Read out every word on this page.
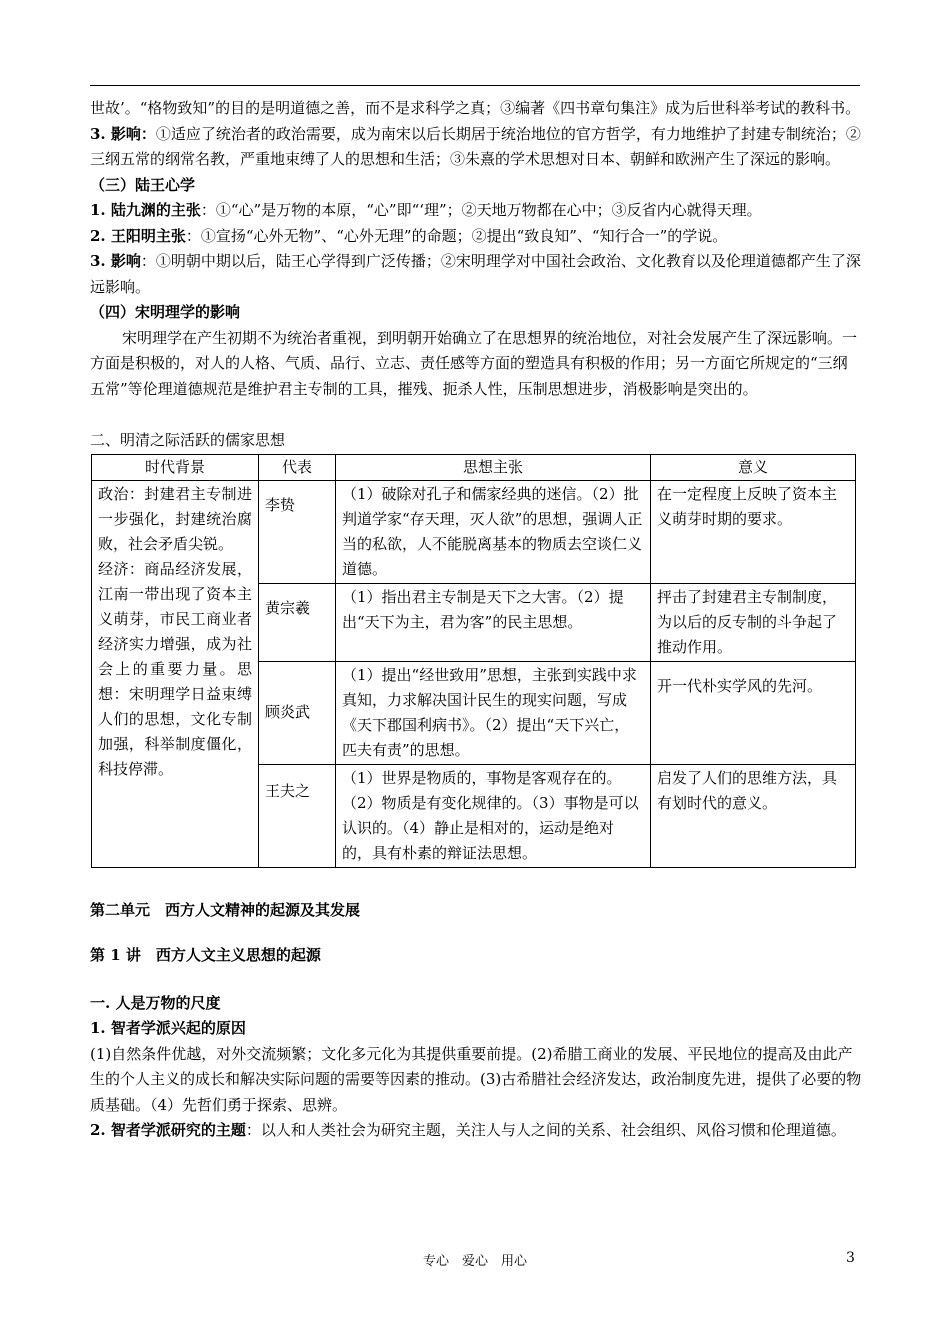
世故’。“格物致知”的目的是明道德之善，而不是求科学之真；③编著《四书章句集注》成为后世科举考试的教科书。

3. 影响：①适应了统治者的政治需要，成为南宋以后长期居于统治地位的官方哲学，有力地维护了封建专制统治；②三纲五常的纲常名教，严重地束缚了人的思想和生活；③朱熹的学术思想对日本、朝鲜和欧洲产生了深远的影响。

（三）陆王心学

1. 陆九渊的主张：①“心”是万物的本原，“心”即“‘理”；②天地万物都在心中；③反省内心就得天理。

2. 王阳明主张：①宣扬“心外无物”、“心外无理”的命题；②提出“致良知”、“知行合一”的学说。

3. 影响：①明朝中期以后，陆王心学得到广泛传播；②宋明理学对中国社会政治、文化教育以及伦理道德都产生了深远影响。

（四）宋明理学的影响

宋明理学在产生初期不为统治者重视，到明朝开始确立了在思想界的统治地位，对社会发展产生了深远影响。一方面是积极的，对人的人格、气质、品行、立志、责任感等方面的塑造具有积极的作用；另一方面它所规定的“三纲五常”等伦理道德规范是维护君主专制的工具，摧残、扼杀人性，压制思想进步，消极影响是突出的。

二、明清之际活跃的儒家思想

时代背景	代表	思想主张	意义

政治：封建君主专制进一步强化，封建统治腐败，社会矛盾尖锐。
经济：商品经济发展，江南一带出现了资本主义萌芽，市民工商业者经济实力增强，成为社会上的重要力量。思想：宋明理学日益束缚人们的思想，文化专制加强，科举制度僵化，科技停滞。	李贽	（1）破除对孔子和儒家经典的迷信。（2）批判道学家“存天理，灭人欲”的思想，强调人正当的私欲，人不能脱离基本的物质去空谈仁义道德。	在一定程度上反映了资本主义萌芽时期的要求。
	黄宗羲	（1）指出君主专制是天下之大害。（2）提出“天下为主，君为客”的民主思想。	抨击了封建君主专制制度，为以后的反专制的斗争起了推动作用。
	顾炎武	（1）提出“经世致用”思想，主张到实践中求真知，力求解决国计民生的现实问题，写成《天下郡国利病书》。（2）提出“天下兴亡，匹夫有责”的思想。	开一代朴实学风的先河。
	王夫之	（1）世界是物质的，事物是客观存在的。（2）物质是有变化规律的。（3）事物是可以认识的。（4）静止是相对的，运动是绝对的，具有朴素的辩证法思想。	启发了人们的思维方法，具有划时代的意义。

第二单元　西方人文精神的起源及其发展

第 1 讲　西方人文主义思想的起源

一. 人是万物的尺度

1. 智者学派兴起的原因

(1)自然条件优越，对外交流频繁；文化多元化为其提供重要前提。(2)希腊工商业的发展、平民地位的提高及由此产生的个人主义的成长和解决实际问题的需要等因素的推动。(3)古希腊社会经济发达，政治制度先进，提供了必要的物质基础。（4）先哲们勇于探索、思辨。

2. 智者学派研究的主题：以人和人类社会为研究主题，关注人与人之间的关系、社会组织、风俗习惯和伦理道德。

专心　爱心　用心	3
